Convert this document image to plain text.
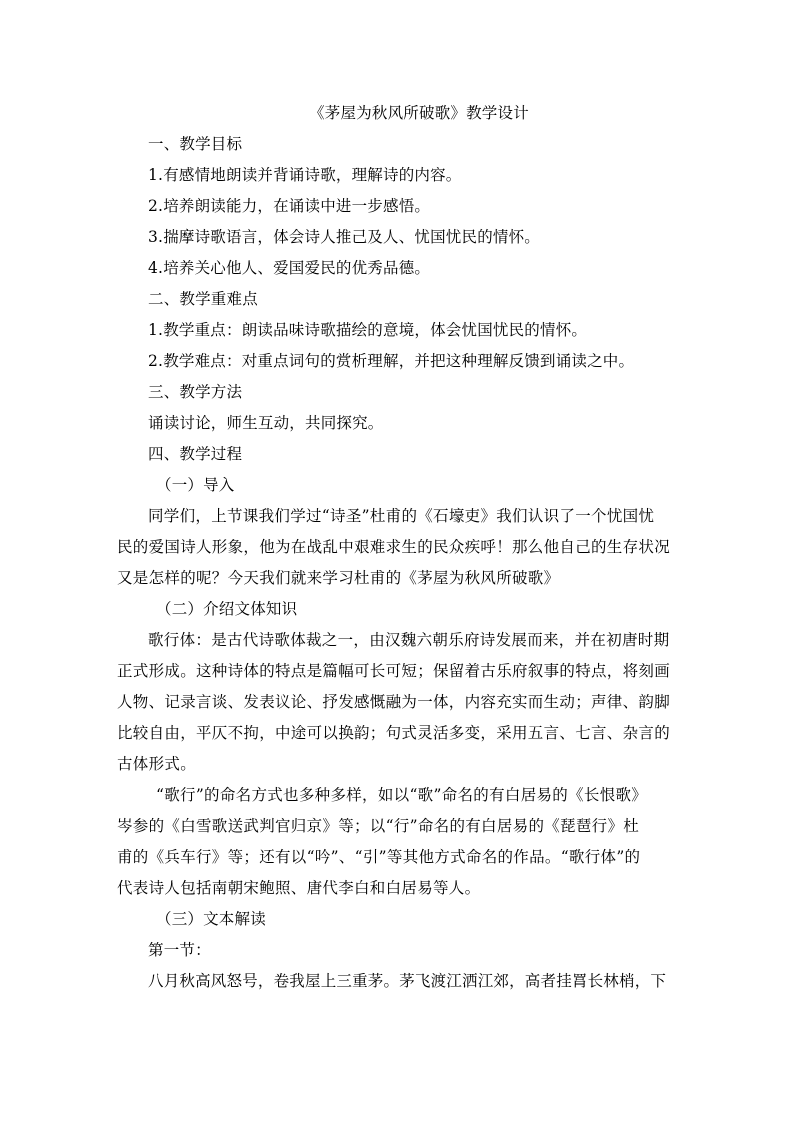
《茅屋为秋风所破歌》教学设计
一、教学目标
1.有感情地朗读并背诵诗歌，理解诗的内容。
2.培养朗读能力，在诵读中进一步感悟。
3.揣摩诗歌语言，体会诗人推己及人、忧国忧民的情怀。
4.培养关心他人、爱国爱民的优秀品德。
二、教学重难点
1.教学重点：朗读品味诗歌描绘的意境，体会忧国忧民的情怀。
2.教学难点：对重点词句的赏析理解，并把这种理解反馈到诵读之中。
三、教学方法
诵读讨论，师生互动，共同探究。
四、教学过程
（一）导入
同学们，上节课我们学过“诗圣”杜甫的《石壕吏》我们认识了一个忧国忧
民的爱国诗人形象，他为在战乱中艰难求生的民众疾呼！那么他自己的生存状况
又是怎样的呢？今天我们就来学习杜甫的《茅屋为秋风所破歌》
（二）介绍文体知识
歌行体：是古代诗歌体裁之一，由汉魏六朝乐府诗发展而来，并在初唐时期
正式形成。这种诗体的特点是篇幅可长可短；保留着古乐府叙事的特点，将刻画
人物、记录言谈、发表议论、抒发感慨融为一体，内容充实而生动；声律、韵脚
比较自由，平仄不拘，中途可以换韵；句式灵活多变，采用五言、七言、杂言的
古体形式。
“歌行”的命名方式也多种多样，如以“歌”命名的有白居易的《长恨歌》
岑参的《白雪歌送武判官归京》等；以“行”命名的有白居易的《琵琶行》杜
甫的《兵车行》等；还有以“吟”、“引”等其他方式命名的作品。“歌行体”的
代表诗人包括南朝宋鲍照、唐代李白和白居易等人。
（三）文本解读
第一节：
八月秋高风怒号，卷我屋上三重茅。茅飞渡江洒江郊，高者挂罥长林梢，下
